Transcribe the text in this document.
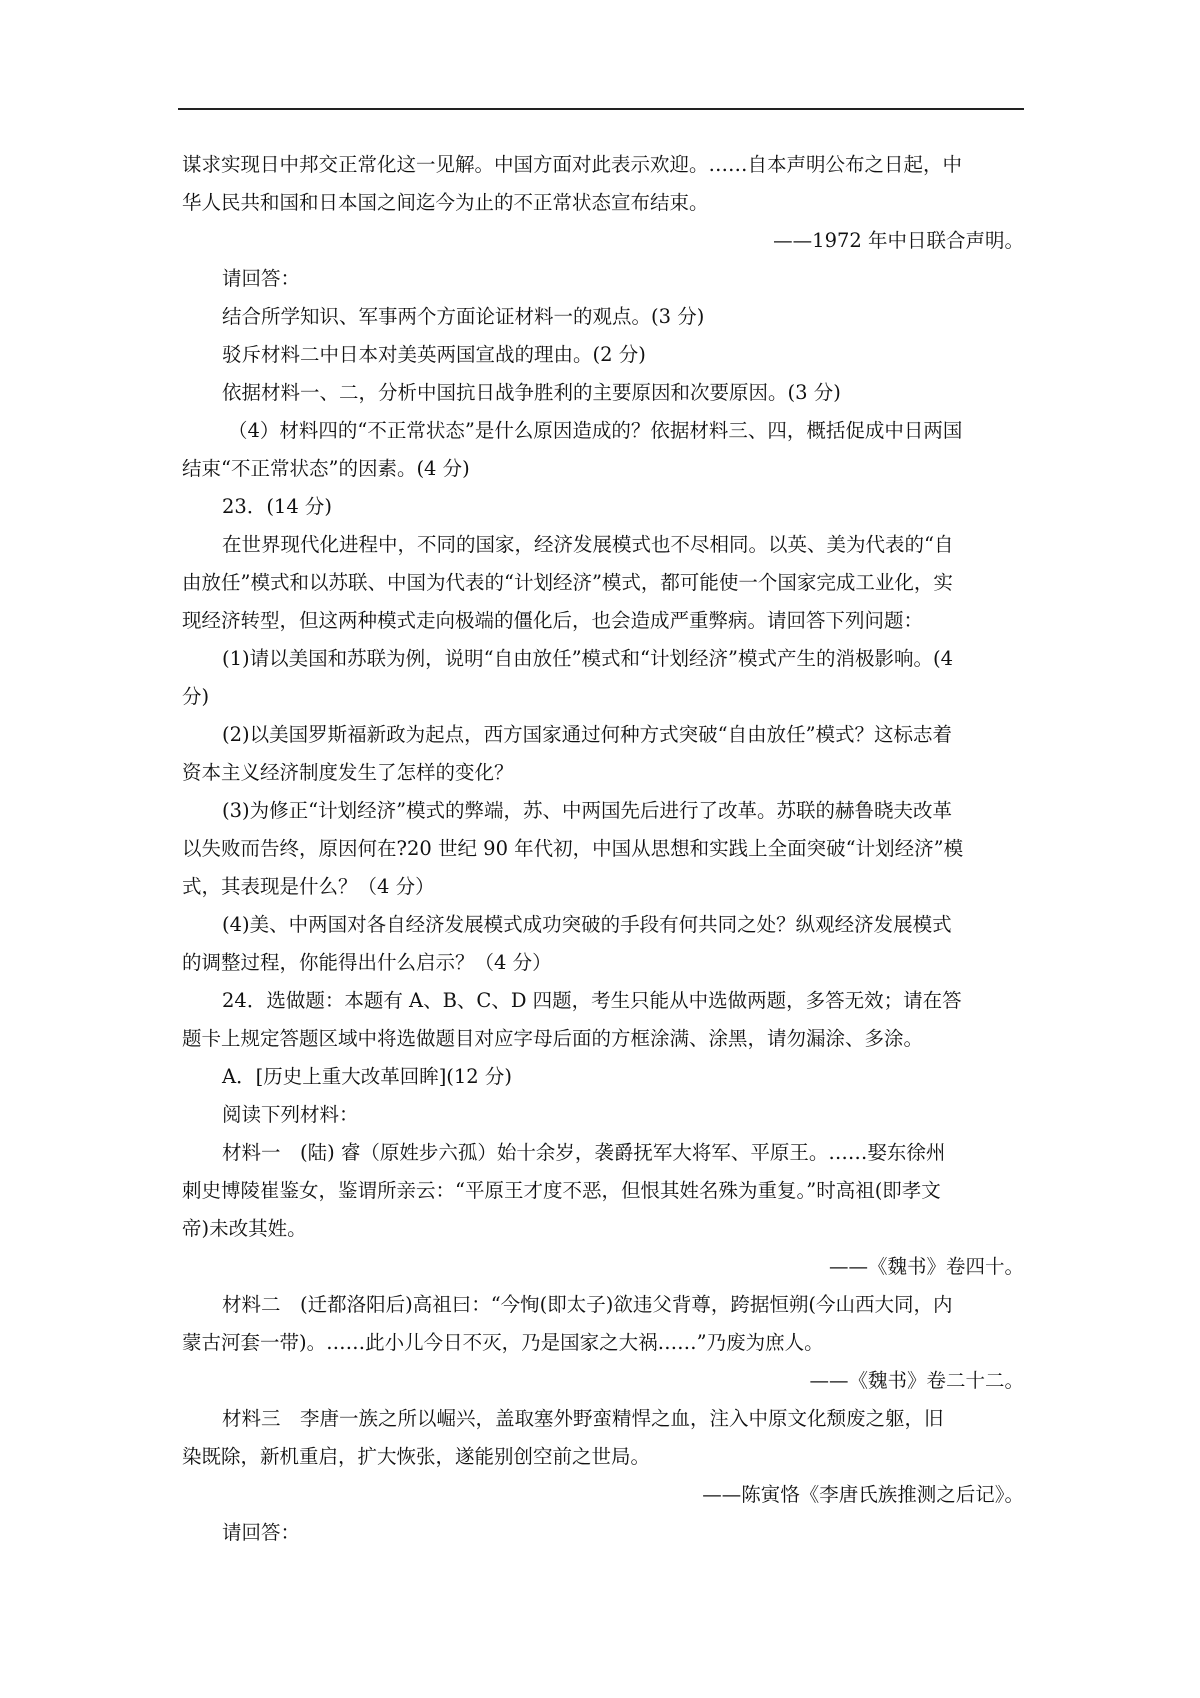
谋求实现日中邦交正常化这一见解。中国方面对此表示欢迎。……自本声明公布之日起，中
华人民共和国和日本国之间迄今为止的不正常状态宣布结束。
——1972 年中日联合声明。
请回答：
结合所学知识、军事两个方面论证材料一的观点。(3 分)
驳斥材料二中日本对美英两国宣战的理由。(2 分)
依据材料一、二，分析中国抗日战争胜利的主要原因和次要原因。(3 分)
（4）材料四的“不正常状态”是什么原因造成的？依据材料三、四，概括促成中日两国
结束“不正常状态”的因素。(4 分)
23．(14 分)
在世界现代化进程中，不同的国家，经济发展模式也不尽相同。以英、美为代表的“自
由放任”模式和以苏联、中国为代表的“计划经济”模式，都可能使一个国家完成工业化，实
现经济转型，但这两种模式走向极端的僵化后，也会造成严重弊病。请回答下列问题：
(1)请以美国和苏联为例，说明“自由放任”模式和“计划经济”模式产生的消极影响。(4
分)
(2)以美国罗斯福新政为起点，西方国家通过何种方式突破“自由放任”模式？这标志着
资本主义经济制度发生了怎样的变化？
(3)为修正“计划经济”模式的弊端，苏、中两国先后进行了改革。苏联的赫鲁晓夫改革
以失败而告终，原因何在?20 世纪 90 年代初，中国从思想和实践上全面突破“计划经济”模
式，其表现是什么？（4 分）
(4)美、中两国对各自经济发展模式成功突破的手段有何共同之处？纵观经济发展模式
的调整过程，你能得出什么启示？（4 分）
24．选做题：本题有 A、B、C、D 四题，考生只能从中选做两题，多答无效；请在答
题卡上规定答题区域中将选做题目对应字母后面的方框涂满、涂黑，请勿漏涂、多涂。
A．[历史上重大改革回眸](12 分)
阅读下列材料：
材料一　(陆) 睿（原姓步六孤）始十余岁，袭爵抚军大将军、平原王。……娶东徐州
刺史博陵崔鉴女，鉴谓所亲云：“平原王才度不恶，但恨其姓名殊为重复。”时高祖(即孝文
帝)未改其姓。
——《魏书》卷四十。
材料二　(迁都洛阳后)高祖曰：“今恂(即太子)欲违父背尊，跨据恒朔(今山西大同，内
蒙古河套一带)。……此小儿今日不灭，乃是国家之大祸……”乃废为庶人。
——《魏书》卷二十二。
材料三　李唐一族之所以崛兴，盖取塞外野蛮精悍之血，注入中原文化颓废之躯，旧
染既除，新机重启，扩大恢张，遂能别创空前之世局。
——陈寅恪《李唐氏族推测之后记》。
请回答：
